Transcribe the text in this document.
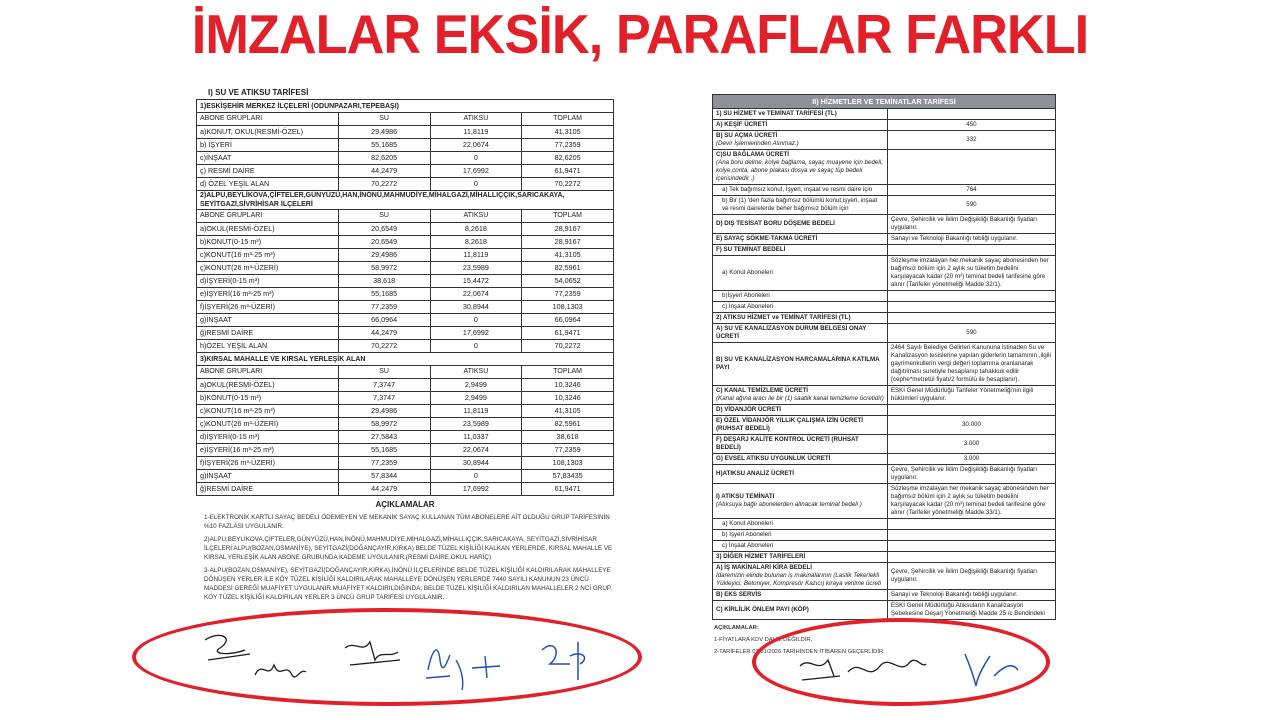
İMZALAR EKSİK, PARAFLAR FARKLI
I) SU VE ATIKSU TARİFESİ
1)ESKİŞEHİR MERKEZ İLÇELERİ (ODUNPAZARI,TEPEBAŞI)			
ABONE GRUPLARI	SU	ATIKSU	TOPLAM
a)KONUT, OKUL(RESMİ-ÖZEL)	29,4986	11,8119	41,3105
b) İŞYERİ	55,1685	22,0674	77,2359
c)İNŞAAT	82,6205	0	82,6205
ç) RESMİ DAİRE	44,2479	17,6992	61,9471
d) ÖZEL YEŞİL ALAN	70,2272	0	70,2272
2)ALPU,BEYLİKOVA,ÇİFTELER,GÜNYÜZÜ,HAN,İNÖNÜ,MAHMUDİYE,MİHALGAZİ,MİHALLIÇÇIK,SARICAKAYA, SEYİTGAZİ,SİVRİHİSAR İLÇELERİ			
ABONE GRUPLARI	SU	ATIKSU	TOPLAM
a)OKUL(RESMİ-ÖZEL)	20,6549	8,2618	28,9167
b)KONUT(0-15 m³)	20,6549	8,2618	28,9167
c)KONUT(16 m³-25 m³)	29,4986	11,8119	41,3105
ç)KONUT(26 m³-ÜZERİ)	58,9972	23,5989	82,5961
d)İŞYERİ(0-15 m³)	38,618	15,4472	54,0652
e)İŞYERİ(16 m³-25 m³)	55,1685	22,0674	77,2359
f)İŞYERİ(26 m³-ÜZERİ)	77,2359	30,8944	108,1303
g)İNŞAAT	66,0964	0	66,0964
ğ)RESMİ DAİRE	44,2479	17,6992	61,9471
h)ÖZEL YEŞİL ALAN	70,2272	0	70,2272
3)KIRSAL MAHALLE VE KIRSAL YERLEŞİK ALAN			
ABONE GRUPLARI	SU	ATIKSU	TOPLAM
a)OKUL(RESMİ-ÖZEL)	7,3747	2,9499	10,3246
b)KONUT(0-15 m³)	7,3747	2,9499	10,3246
c)KONUT(16 m³-25 m³)	29,4986	11,8119	41,3105
ç)KONUT(26 m³-ÜZERİ)	58,9972	23,5989	82,5961
d)İŞYERİ(0-15 m³)	27,5843	11,0337	38,618
e)İŞYERİ(16 m³-25 m³)	55,1685	22,0674	77,2359
f)İŞYERİ(26 m³-ÜZERİ)	77,2359	30,8944	108,1303
g)İNŞAAT	57,8344	0	57,83435
ğ)RESMİ DAİRE	44,2479	17,6992	61,9471
AÇIKLAMALAR
1-ELEKTRONİK KARTLI SAYAÇ BEDELİ ÖDEMEYEN VE MEKANİK SAYAÇ KULLANAN TÜM ABONELERE AİT OLDUĞU GRUP TARİFESİNİN %10 FAZLASI UYGULANIR.
2)ALPU,BEYLİKOVA,ÇİFTELER,GÜNYÜZÜ,HAN,İNÖNÜ,MAHMUDİYE,MİHALGAZİ,MİHALLIÇÇIK,SARICAKAYA, SEYİTGAZİ,SİVRİHİSAR İLÇELERİ ALPU(BOZAN,OSMANİYE), SEYİTGAZİ(DOĞANÇAYIR,KIRKA) BELDE TÜZEL KİŞİLİĞİ KALKAN YERLERDE, KIRSAL MAHALLE VE KIRSAL YERLEŞİK ALAN ABONE GRUBUNDA KADEME UYGULANIR.(RESMİ DAİRE,OKUL HARİÇ)
3-ALPU(BOZAN,OSMANİYE), SEYİTGAZİ(DOĞANÇAYIR,KIRKA),İNÖNÜ İLÇELERİNDE BELDE TÜZEL KİŞİLİĞİ KALDIRILARAK MAHALLEYE DÖNÜŞEN YERLER İLE KÖY TÜZEL KİŞİLİĞİ KALDIRILARAK MAHALLEYE DÖNÜŞEN YERLERDE 7440 SAYILI KANUNUN 23 ÜNCÜ MADDESİ GEREĞİ MUAFİYET UYGULANIR.MUAFİYET KALDIRILDIĞINDA; BELDE TÜZEL KİŞİLİĞİ KALDIRILAN MAHALLELER 2 NCİ GRUP, KÖY TÜZEL KİŞİLİĞİ KALDIRILAN YERLER 3 ÜNCÜ GRUP TARİFESİ UYGULANIR.
II) HİZMETLER VE TEMİNATLAR TARİFESİ	

1) SU HİZMET ve TEMİNAT TARİFESİ (TL)	

A) KEŞİF ÜCRETİ	450

B) SU AÇMA ÜCRETİ
(Devir İşlemlerinden Alınmaz.)	332

C)SU BAĞLAMA ÜCRETİ
(Ana boru delme, kolye bağlama, sayaç muayene için bedeli, kolye,conta, abone plakası dosya ve sayaç tüp bedeli içerisindedir .)	

a) Tek bağımsız konut, İşyeri, inşaat ve resmi daire için	764

b) Bir (1) 'den fazla bağımsız bölümlü konut,işyeri, inşaat ve resmi dairelerde beher bağımsız bölüm için	590

D) DIŞ TESİSAT BORU DÖŞEME BEDELİ	Çevre, Şehircilik ve İklim Değişikliği Bakanlığı fiyatları uygulanır.

E) SAYAÇ SÖKME-TAKMA ÜCRETİ	Sanayi ve Teknoloji Bakanlığı tebliği uygulanır.

F) SU TEMİNAT BEDELİ	

a) Konut Aboneleri	Sözleşme imzalayan her mekanik sayaç abonesinden her bağımsız bölüm için 2 aylık su tüketim bedelini karşılayacak kadar (20 m³) teminat bedeli tarifesine göre alınır (Tarifeler yönetmeliği Madde:32/1).

b)İşyeri Aboneleri	

c) İnşaat Aboneleri	

2) ATIKSU HİZMET ve TEMİNAT TARİFESİ (TL)	

A) SU VE KANALİZASYON DURUM BELGESİ ONAY ÜCRETİ	590

B) SU VE KANALİZASYON HARCAMALARINA KATILMA PAYI	2464 Sayılı Belediye Gelirleri Kanununa istinaden Su ve Kanalizasyon tesislerine yapılan giderlerin tamamının ,ilgili gayrimenkullerin vergi değeri toplamına oranlanarak dağıtılması suretiyle hesaplanıp tahakkuk edilir (cephe*metretül fiyatı/2 formülü ile hesaplanır).

C) KANAL TEMİZLEME ÜCRETİ
(Kanal ağına aracı ile bir (1) saatlik kanal temizleme ücretidir)	ESKİ Genel Müdürlüğü Tarifeler Yönetmeliği'nin ilgili hükümleri uygulanır.

D) VİDANJÖR ÜCRETİ	

E) ÖZEL VİDANJÖR YILLIK ÇALIŞMA İZİN ÜCRETİ (RUHSAT BEDELİ)	30.000

F) DEŞARJ KALİTE KONTROL ÜCRETİ (RUHSAT BEDELİ)	3.000

G) EVSEL ATIKSU UYGUNLUK ÜCRETİ	3.000

H)ATIKSU ANALİZ ÜCRETİ	Çevre, Şehircilik ve İklim Değişikliği Bakanlığı fiyatları uygulanır.

I) ATIKSU TEMİNATI
(Atıksuya bağlı abonelerden alınacak teminat bedeli )	Sözleşme imzalayan her mekanik sayaç abonesinden her bağımsız bölüm için 2 aylık su tüketim bedelini karşılayacak kadar (20 m³) teminat bedeli tarifesine göre alınır (Tarifeler yönetmeliği Madde:33/1).

a) Konut Aboneleri	

b) İşyeri Aboneleri	

c) İnşaat Aboneleri	

3) DİĞER HİZMET TARİFELERİ	

A) İŞ MAKİNALARI KİRA BEDELİ
İdaremizin elinde bulunan iş makinalarının (Lastik Tekerlekli Yükleyici, Betoniyer, Kompresör Kazıcı) kiraya verilme ücreti	Çevre, Şehircilik ve İklim Değişikliği Bakanlığı fiyatları uygulanır.

B) EKS SERVİS	Sanayi ve Teknoloji Bakanlığı tebliği uygulanır.

C) KİRLİLİK ÖNLEM PAYI (KÖP)	ESKİ Genel Müdürlüğü Atıksuların Kanalizasyon Şebekesine Deşarj Yönetmeliği Madde 25 /c Bendindeki
AÇIKLAMALAR:
1-FİYATLARA KDV DAHİL DEĞİLDİR.
2-TARİFELER 01/01/2026 TARİHİNDEN İTİBAREN GEÇERLİDİR.
